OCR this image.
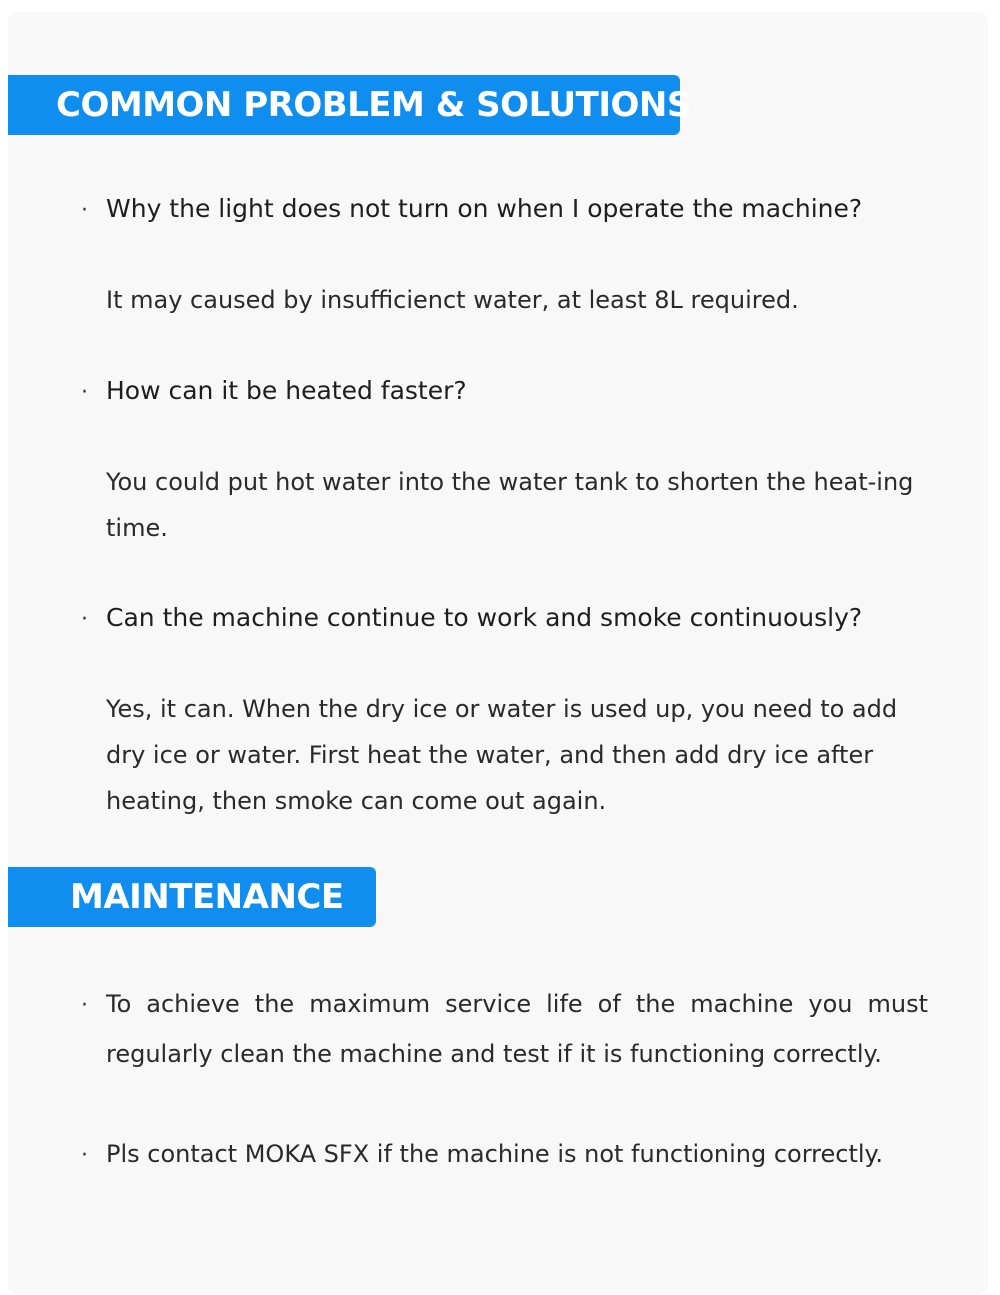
COMMON PROBLEM & SOLUTIONS
· Why the light does not turn on when I operate the machine?
It may caused by insufficienct water, at least 8L required.
· How can it be heated faster?
You could put hot water into the water tank to shorten the heat-ing time.
· Can the machine continue to work and smoke continuously?
Yes, it can. When the dry ice or water is used up, you need to add dry ice or water. First heat the water, and then add dry ice after heating, then smoke can come out again.
MAINTENANCE
· To achieve the maximum service life of the machine you must regularly clean the machine and test if it is functioning correctly.
· Pls contact MOKA SFX if the machine is not functioning correctly.
